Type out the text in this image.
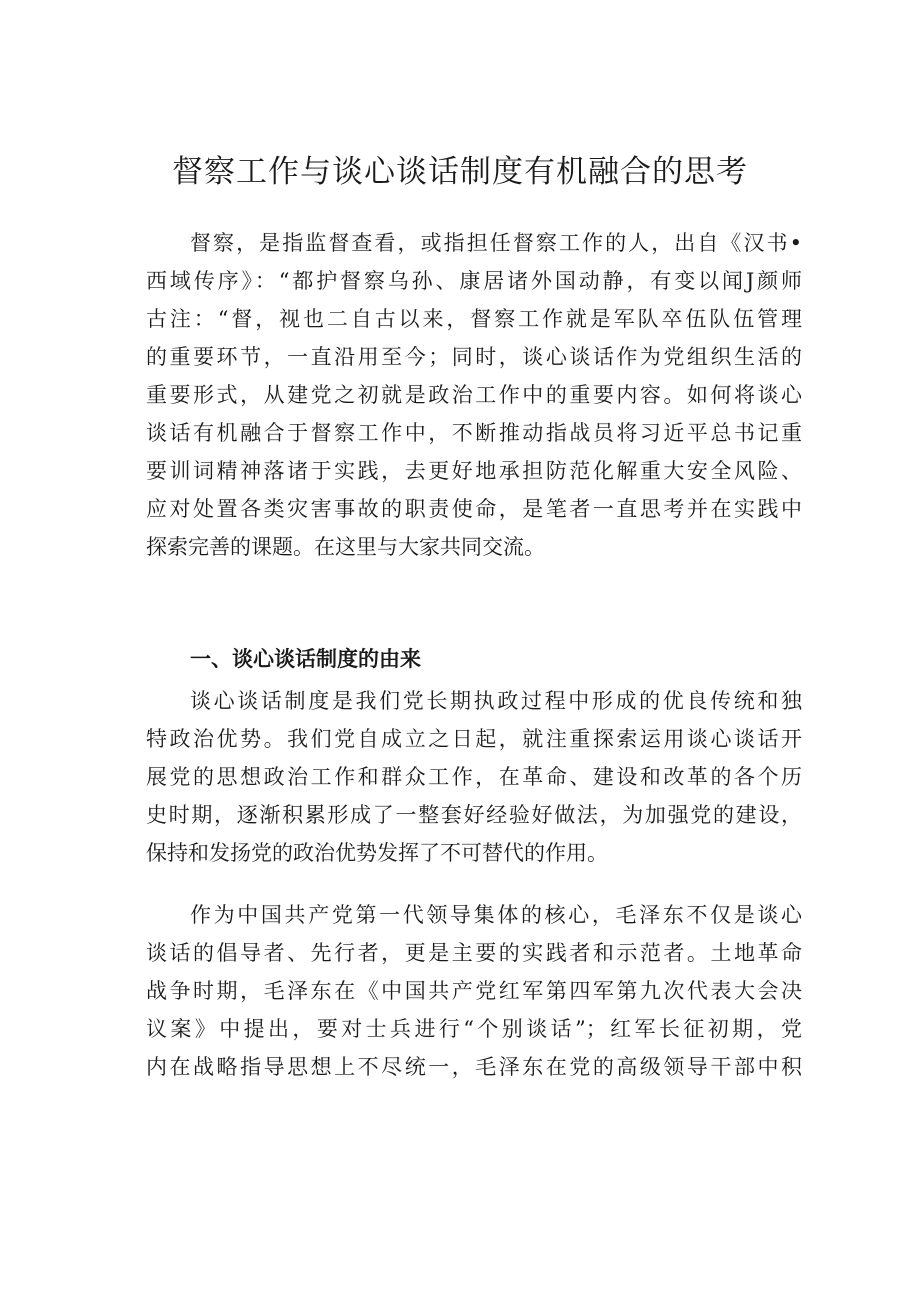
督察工作与谈心谈话制度有机融合的思考
督察，是指监督查看，或指担任督察工作的人，出自《汉书•
西域传序》：“都护督察乌孙、康居诸外国动静，有变以闻J颜师
古注：“督，视也二自古以来，督察工作就是军队卒伍队伍管理
的重要环节，一直沿用至今；同时，谈心谈话作为党组织生活的
重要形式，从建党之初就是政治工作中的重要内容。如何将谈心
谈话有机融合于督察工作中，不断推动指战员将习近平总书记重
要训词精神落诸于实践，去更好地承担防范化解重大安全风险、
应对处置各类灾害事故的职责使命，是笔者一直思考并在实践中
探索完善的课题。在这里与大家共同交流。
一、谈心谈话制度的由来
谈心谈话制度是我们党长期执政过程中形成的优良传统和独
特政治优势。我们党自成立之日起，就注重探索运用谈心谈话开
展党的思想政治工作和群众工作，在革命、建设和改革的各个历
史时期，逐渐积累形成了一整套好经验好做法，为加强党的建设，
保持和发扬党的政治优势发挥了不可替代的作用。
作为中国共产党第一代领导集体的核心，毛泽东不仅是谈心
谈话的倡导者、先行者，更是主要的实践者和示范者。土地革命
战争时期，毛泽东在《中国共产党红军第四军第九次代表大会决
议案》中提出，要对士兵进行“个别谈话”；红军长征初期，党
内在战略指导思想上不尽统一，毛泽东在党的高级领导干部中积
